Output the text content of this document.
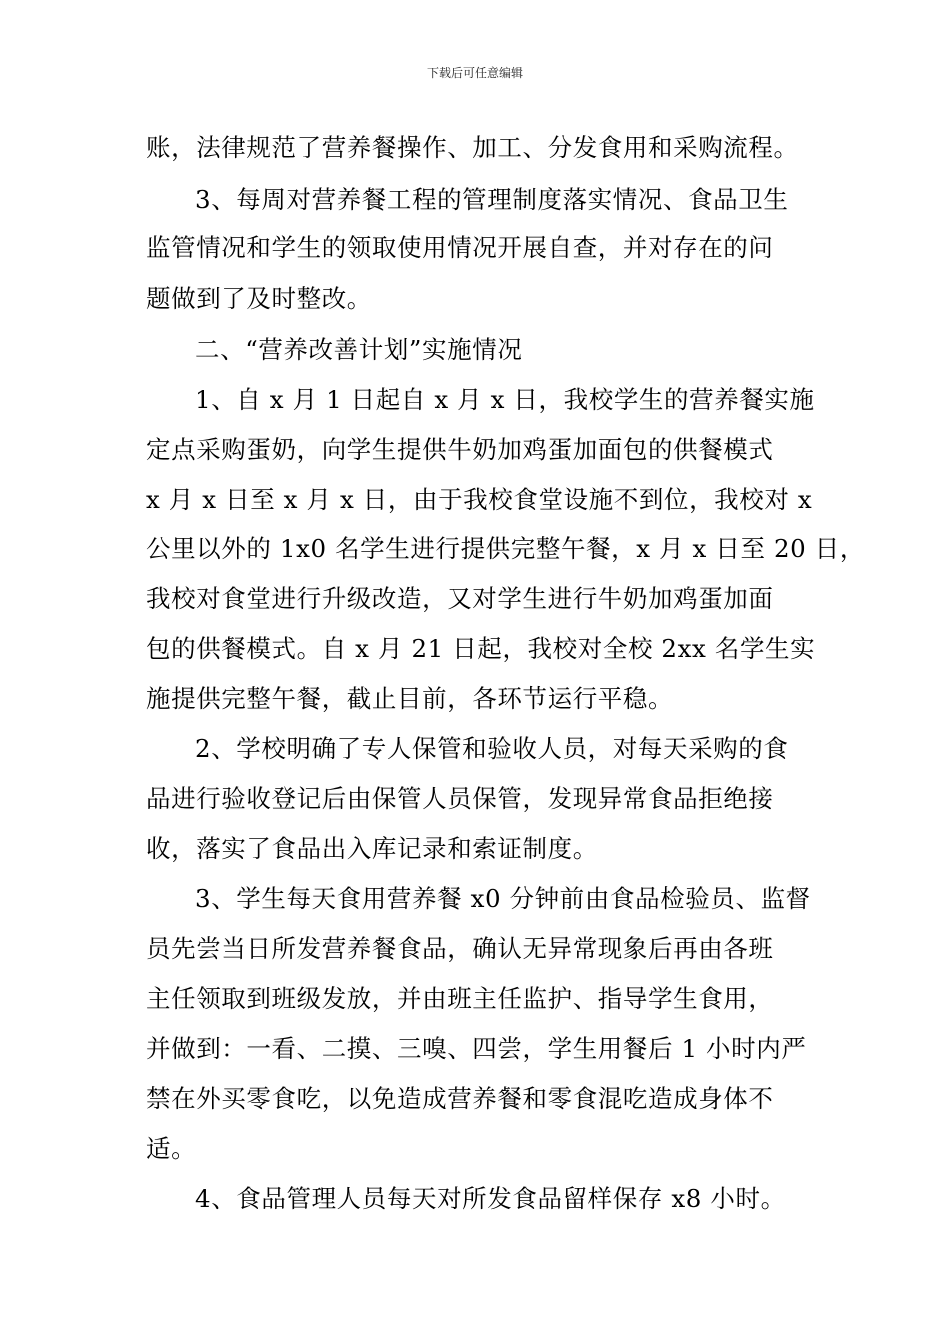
下载后可任意编辑
账，法律规范了营养餐操作、加工、分发食用和采购流程。
3、每周对营养餐工程的管理制度落实情况、食品卫生
监管情况和学生的领取使用情况开展自查，并对存在的问
题做到了及时整改。
二、“营养改善计划”实施情况
1、自 x 月 1 日起自 x 月 x 日，我校学生的营养餐实施
定点采购蛋奶，向学生提供牛奶加鸡蛋加面包的供餐模式
x 月 x 日至 x 月 x 日，由于我校食堂设施不到位，我校对 x
公里以外的 1x0 名学生进行提供完整午餐，x 月 x 日至 20 日，
我校对食堂进行升级改造，又对学生进行牛奶加鸡蛋加面
包的供餐模式。自 x 月 21 日起，我校对全校 2xx 名学生实
施提供完整午餐，截止目前，各环节运行平稳。
2、学校明确了专人保管和验收人员，对每天采购的食
品进行验收登记后由保管人员保管，发现异常食品拒绝接
收，落实了食品出入库记录和索证制度。
3、学生每天食用营养餐 x0 分钟前由食品检验员、监督
员先尝当日所发营养餐食品，确认无异常现象后再由各班
主任领取到班级发放，并由班主任监护、指导学生食用，
并做到：一看、二摸、三嗅、四尝，学生用餐后 1 小时内严
禁在外买零食吃，以免造成营养餐和零食混吃造成身体不
适。
4、食品管理人员每天对所发食品留样保存 x8 小时。
